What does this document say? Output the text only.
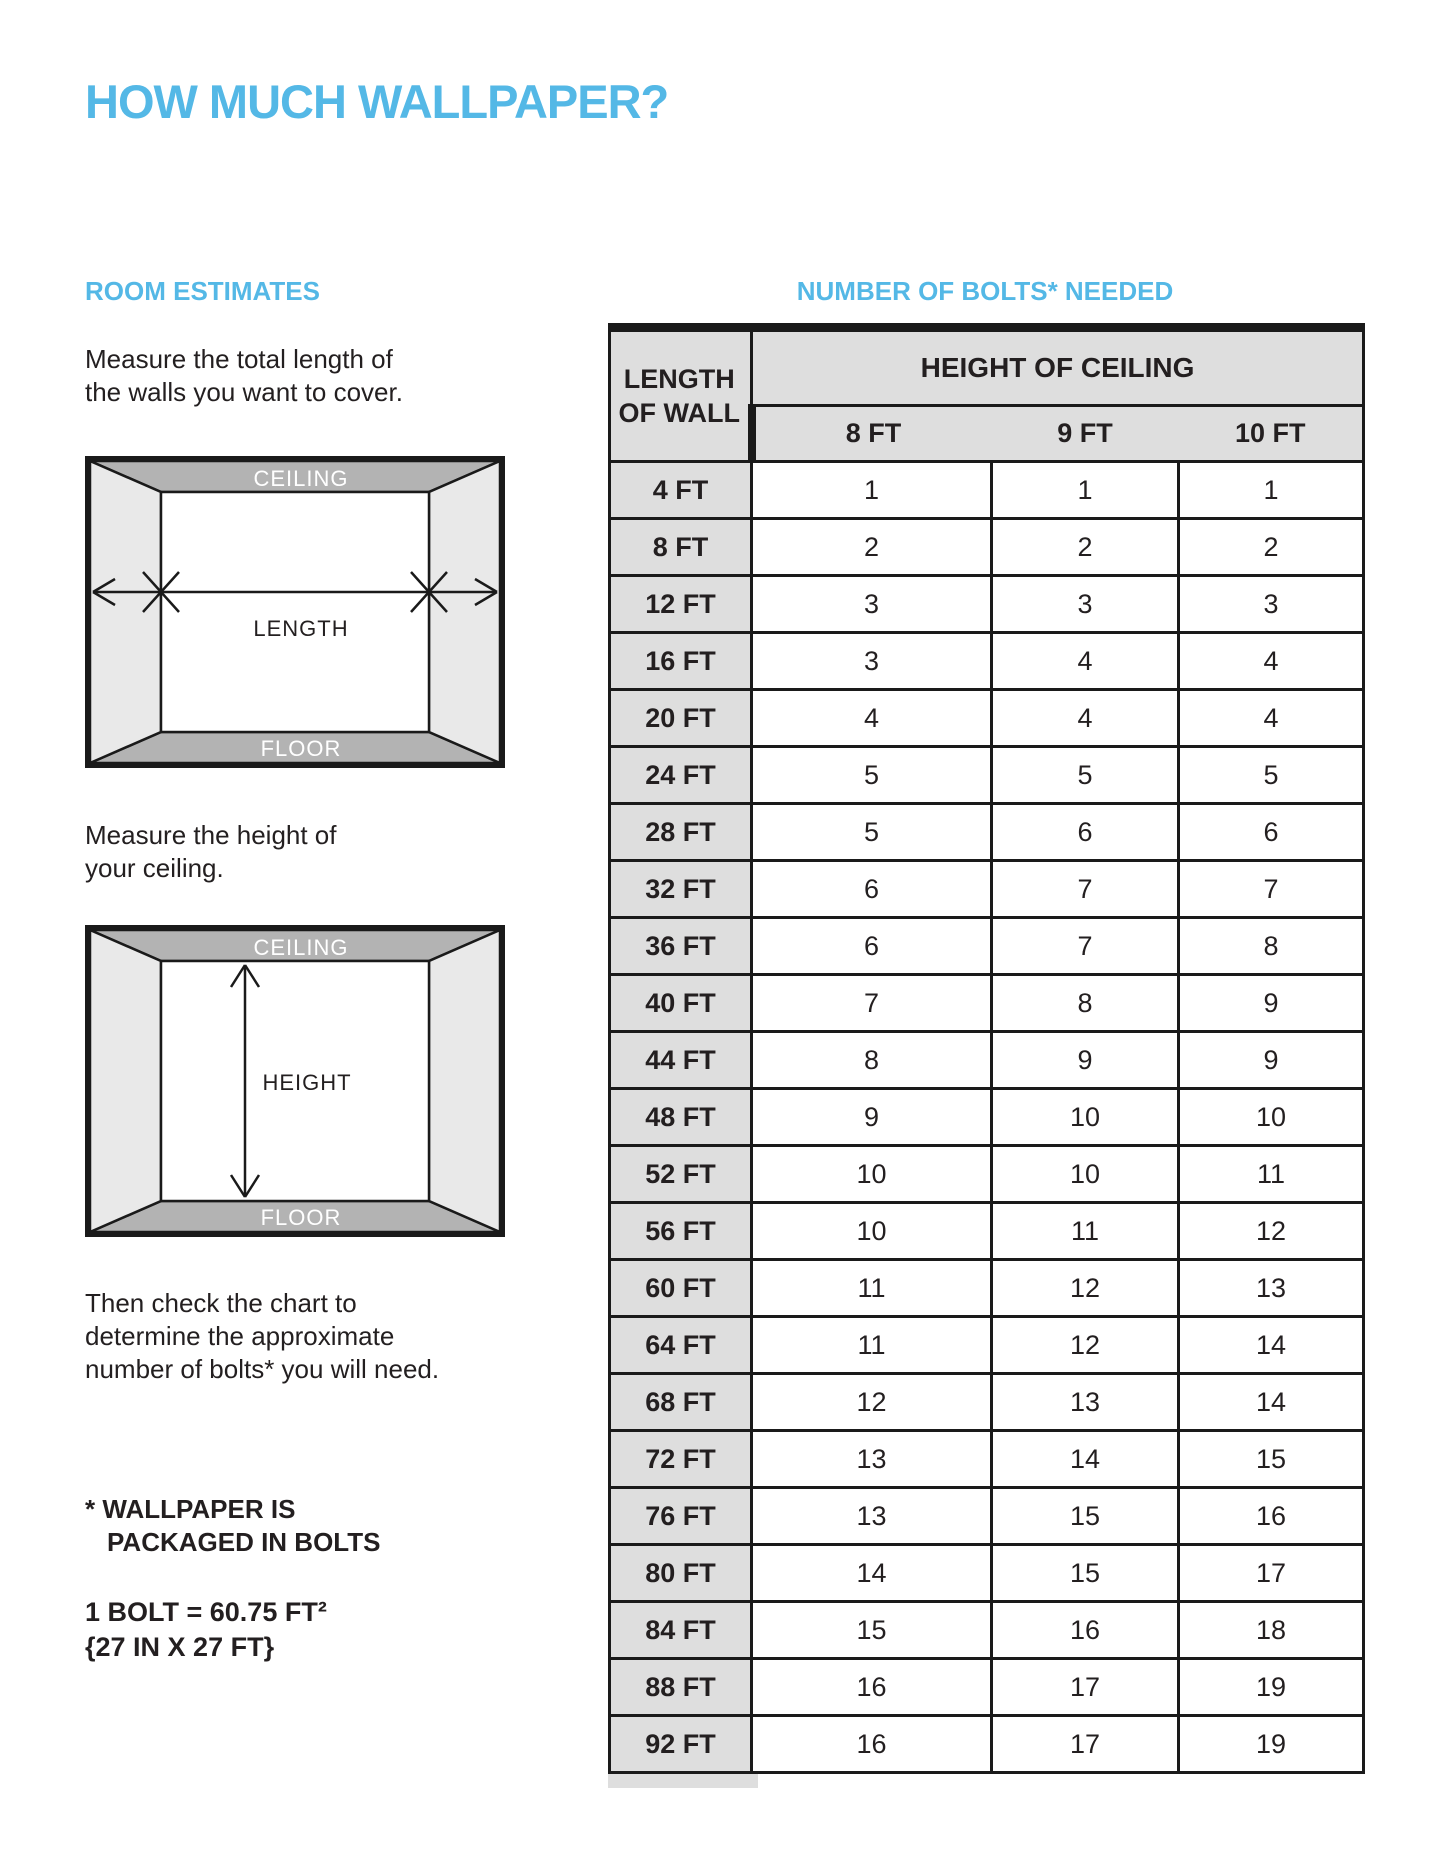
HOW MUCH WALLPAPER?
ROOM ESTIMATES

Measure the total length of
the walls you want to cover.

CEILING
FLOOR
LENGTH

Measure the height of
your ceiling.

CEILING
FLOOR
HEIGHT

Then check the chart to
determine the approximate
number of bolts* you will need.

* WALLPAPER IS
PACKAGED IN BOLTS

1 BOLT = 60.75 FT²
{27 IN X 27 FT}

NUMBER OF BOLTS* NEEDED
LENGTH
OF WALL	HEIGHT OF CEILING		
	8 FT	9 FT	10 FT
4 FT	1	1	1
8 FT	2	2	2
12 FT	3	3	3
16 FT	3	4	4
20 FT	4	4	4
24 FT	5	5	5
28 FT	5	6	6
32 FT	6	7	7
36 FT	6	7	8
40 FT	7	8	9
44 FT	8	9	9
48 FT	9	10	10
52 FT	10	10	11
56 FT	10	11	12
60 FT	11	12	13
64 FT	11	12	14
68 FT	12	13	14
72 FT	13	14	15
76 FT	13	15	16
80 FT	14	15	17
84 FT	15	16	18
88 FT	16	17	19
92 FT	16	17	19
